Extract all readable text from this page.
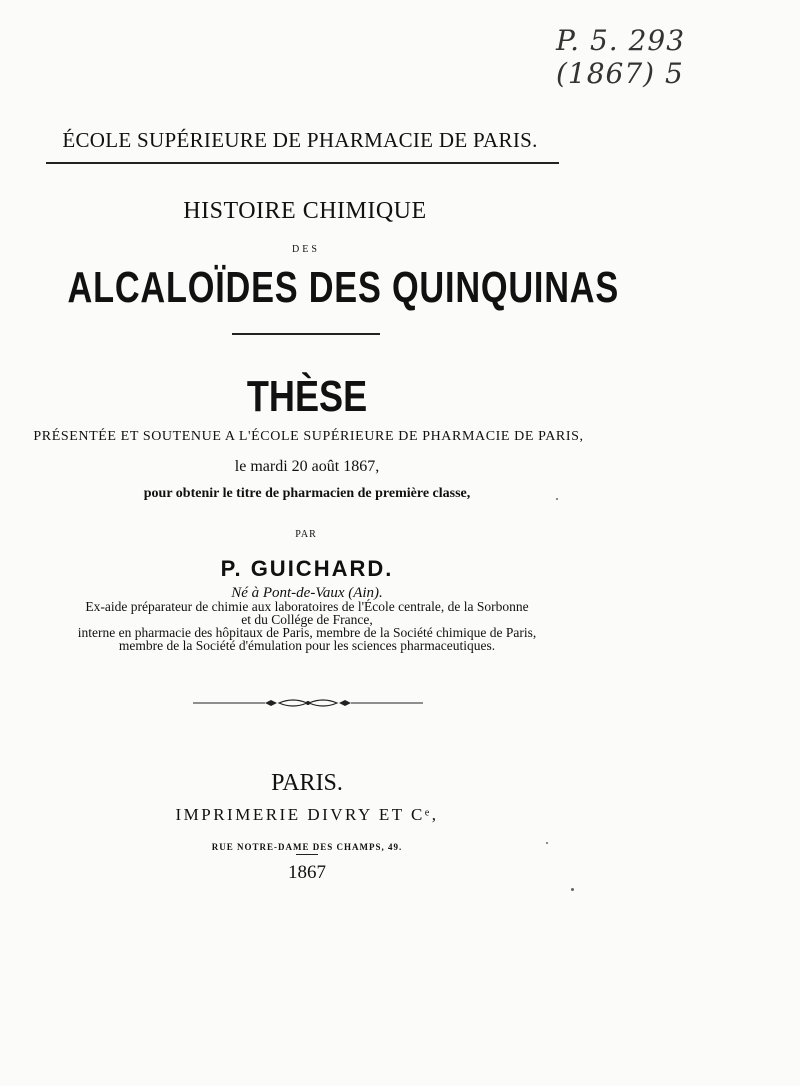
P. 5. 293 (1867) 5
ÉCOLE SUPÉRIEURE DE PHARMACIE DE PARIS.
HISTOIRE CHIMIQUE
DES
ALCALOÏDES DES QUINQUINAS
THÈSE
PRÉSENTÉE ET SOUTENUE A L'ÉCOLE SUPÉRIEURE DE PHARMACIE DE PARIS,
le mardi 20 août 1867,
pour obtenir le titre de pharmacien de première classe,
PAR
P. GUICHARD.
Né à Pont-de-Vaux (Ain).
Ex-aide préparateur de chimie aux laboratoires de l'École centrale, de la Sorbonne
et du Collége de France,
interne en pharmacie des hôpitaux de Paris, membre de la Société chimique de Paris,
membre de la Société d'émulation pour les sciences pharmaceutiques.
PARIS.
IMPRIMERIE DIVRY ET Cᵉ,
RUE NOTRE-DAME DES CHAMPS, 49.
1867
